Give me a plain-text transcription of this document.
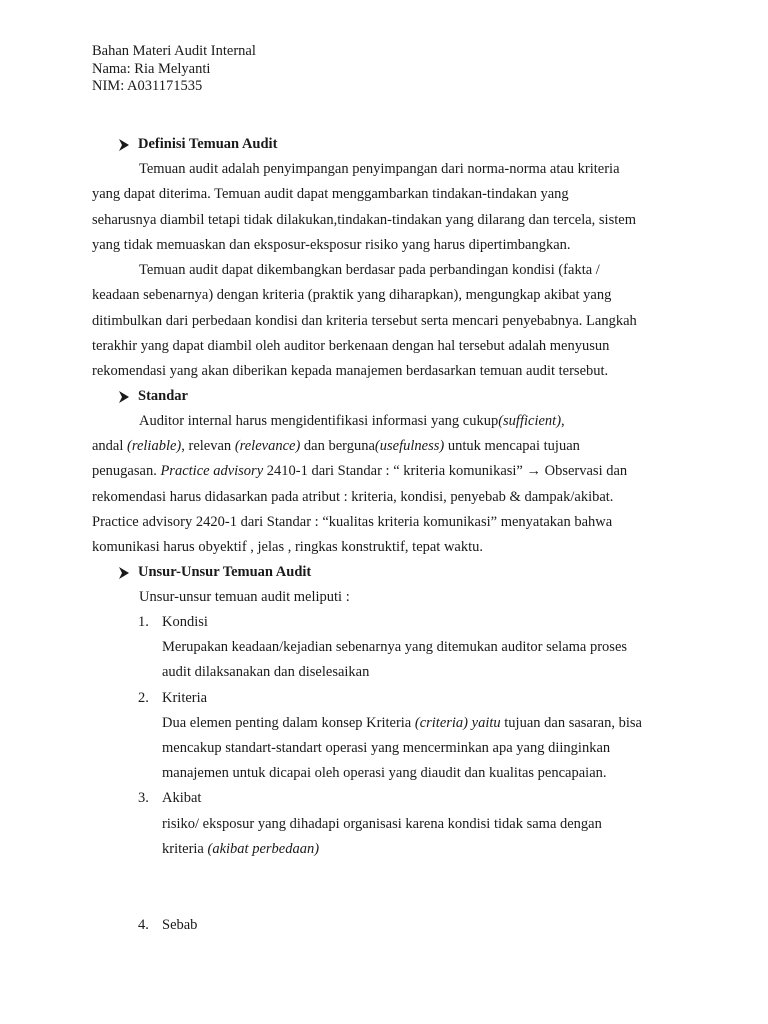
Bahan Materi Audit Internal
Nama: Ria Melyanti
NIM: A031171535
Definisi Temuan Audit
Temuan audit adalah penyimpangan penyimpangan dari norma-norma atau kriteria
yang dapat diterima. Temuan audit dapat menggambarkan tindakan-tindakan yang
seharusnya diambil tetapi tidak dilakukan,tindakan-tindakan yang dilarang dan tercela, sistem
yang tidak memuaskan dan eksposur-eksposur risiko yang harus dipertimbangkan.
Temuan audit dapat dikembangkan berdasar pada perbandingan kondisi (fakta /
keadaan sebenarnya) dengan kriteria (praktik yang diharapkan), mengungkap akibat yang
ditimbulkan dari perbedaan kondisi dan kriteria tersebut serta mencari penyebabnya. Langkah
terakhir yang dapat diambil oleh auditor berkenaan dengan hal tersebut adalah menyusun
rekomendasi yang akan diberikan kepada manajemen berdasarkan temuan audit tersebut.
Standar
Auditor internal harus mengidentifikasi informasi yang cukup(sufficient),
andal (reliable), relevan (relevance) dan berguna(usefulness) untuk mencapai tujuan
penugasan. Practice advisory 2410-1 dari Standar : “ kriteria komunikasi” → Observasi dan
rekomendasi harus didasarkan pada atribut : kriteria, kondisi, penyebab & dampak/akibat.
Practice advisory 2420-1 dari Standar : “kualitas kriteria komunikasi” menyatakan bahwa
komunikasi harus obyektif , jelas , ringkas konstruktif, tepat waktu.
Unsur-Unsur Temuan Audit
Unsur-unsur temuan audit meliputi :
1. Kondisi
Merupakan keadaan/kejadian sebenarnya yang ditemukan auditor selama proses
audit dilaksanakan dan diselesaikan
2. Kriteria
Dua elemen penting dalam konsep Kriteria (criteria) yaitu tujuan dan sasaran, bisa
mencakup standart-standart operasi yang mencerminkan apa yang diinginkan
manajemen untuk dicapai oleh operasi yang diaudit dan kualitas pencapaian.
3. Akibat
risiko/ eksposur yang dihadapi organisasi karena kondisi tidak sama dengan
kriteria (akibat perbedaan)
4. Sebab
